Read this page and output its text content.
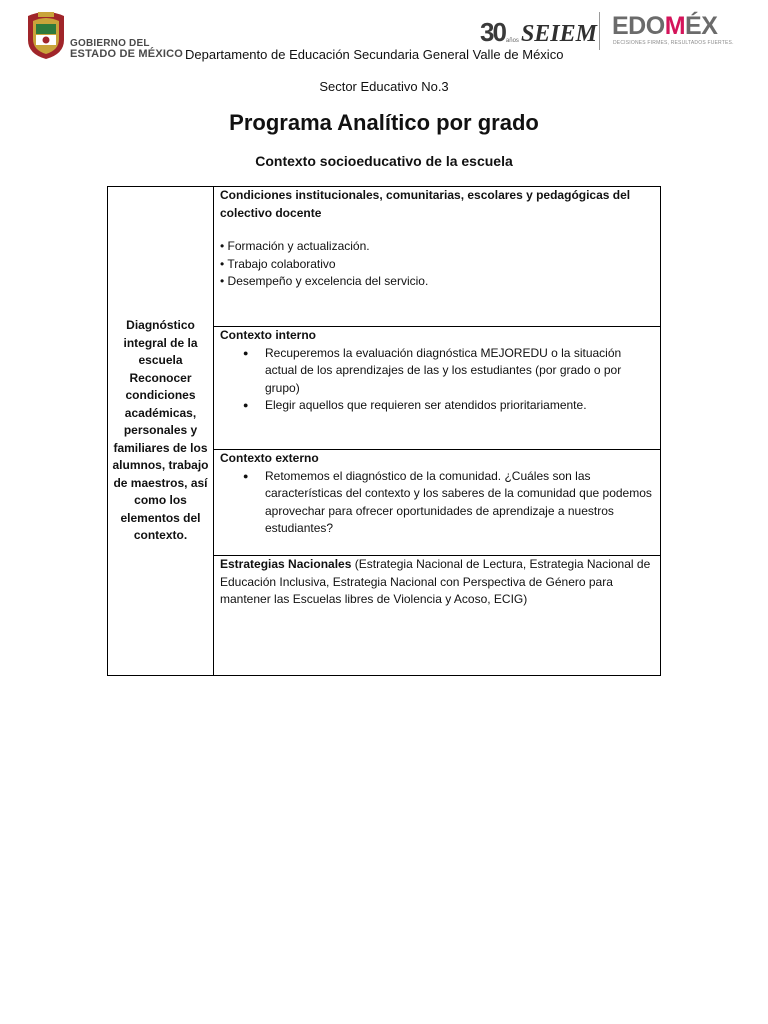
GOBIERNO DEL
ESTADO DE MÉXICO Departamento de Educación Secundaria General Valle de México
30 años SEIEM EDOMÉX
DECISIONES FIRMES, RESULTADOS FUERTES.
Sector Educativo No.3
Programa Analítico por grado
Contexto socioeducativo de la escuela
Diagnóstico integral de la escuela Reconocer condiciones académicas, personales y familiares de los alumnos, trabajo de maestros, así como los elementos del contexto.
Condiciones institucionales, comunitarias, escolares y pedagógicas del colectivo docente
• Formación y actualización.
• Trabajo colaborativo
• Desempeño y excelencia del servicio.
Contexto interno
● Recuperemos la evaluación diagnóstica MEJOREDU o la situación actual de los aprendizajes de las y los estudiantes (por grado o por grupo)
● Elegir aquellos que requieren ser atendidos prioritariamente.
Contexto externo
● Retomemos el diagnóstico de la comunidad. ¿Cuáles son las características del contexto y los saberes de la comunidad que podemos aprovechar para ofrecer oportunidades de aprendizaje a nuestros estudiantes?
Estrategias Nacionales (Estrategia Nacional de Lectura, Estrategia Nacional de Educación Inclusiva, Estrategia Nacional con Perspectiva de Género para mantener las Escuelas libres de Violencia y Acoso, ECIG)
